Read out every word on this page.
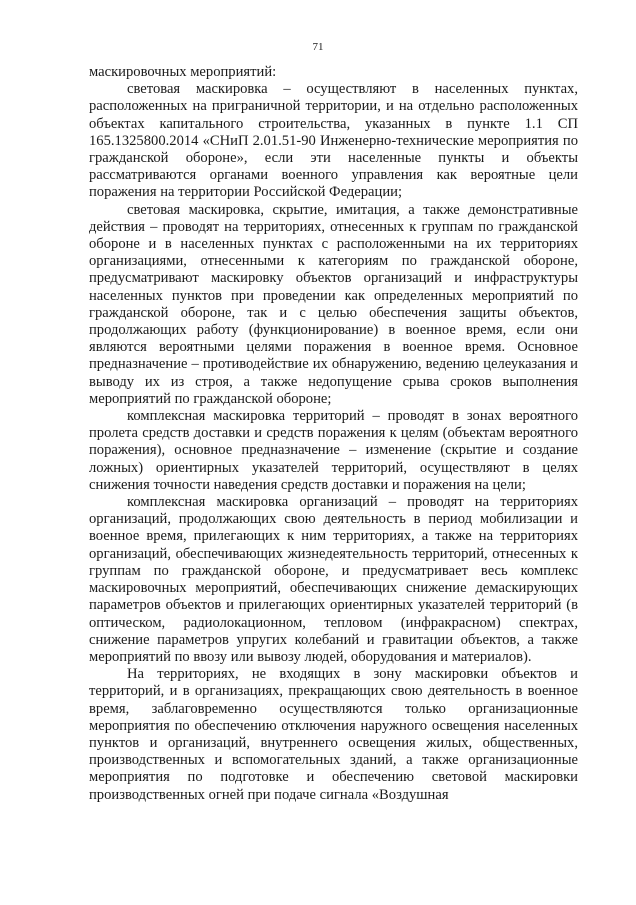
71

маскировочных мероприятий:

световая маскировка – осуществляют в населенных пунктах, расположенных на приграничной территории, и на отдельно расположенных объектах капитального строительства, указанных в пункте 1.1 СП 165.1325800.2014 «СНиП 2.01.51-90 Инженерно-технические мероприятия по гражданской обороне», если эти населенные пункты и объекты рассматриваются органами военного управления как вероятные цели поражения на территории Российской Федерации;

световая маскировка, скрытие, имитация, а также демонстративные действия – проводят на территориях, отнесенных к группам по гражданской обороне и в населенных пунктах с расположенными на их территориях организациями, отнесенными к категориям по гражданской обороне, предусматривают маскировку объектов организаций и инфраструктуры населенных пунктов при проведении как определенных мероприятий по гражданской обороне, так и с целью обеспечения защиты объектов, продолжающих работу (функционирование) в военное время, если они являются вероятными целями поражения в военное время. Основное предназначение – противодействие их обнаружению, ведению целеуказания и выводу их из строя, а также недопущение срыва сроков выполнения мероприятий по гражданской обороне;

комплексная маскировка территорий – проводят в зонах вероятного пролета средств доставки и средств поражения к целям (объектам вероятного поражения), основное предназначение – изменение (скрытие и создание ложных) ориентирных указателей территорий, осуществляют в целях снижения точности наведения средств доставки и поражения на цели;

комплексная маскировка организаций – проводят на территориях организаций, продолжающих свою деятельность в период мобилизации и военное время, прилегающих к ним территориях, а также на территориях организаций, обеспечивающих жизнедеятельность территорий, отнесенных к группам по гражданской обороне, и предусматривает весь комплекс маскировочных мероприятий, обеспечивающих снижение демаскирующих параметров объектов и прилегающих ориентирных указателей территорий (в оптическом, радиолокационном, тепловом (инфракрасном) спектрах, снижение параметров упругих колебаний и гравитации объектов, а также мероприятий по ввозу или вывозу людей, оборудования и материалов).

На территориях, не входящих в зону маскировки объектов и территорий, и в организациях, прекращающих свою деятельность в военное время, заблаговременно осуществляются только организационные мероприятия по обеспечению отключения наружного освещения населенных пунктов и организаций, внутреннего освещения жилых, общественных, производственных и вспомогательных зданий, а также организационные мероприятия по подготовке и обеспечению световой маскировки производственных огней при подаче сигнала «Воздушная
